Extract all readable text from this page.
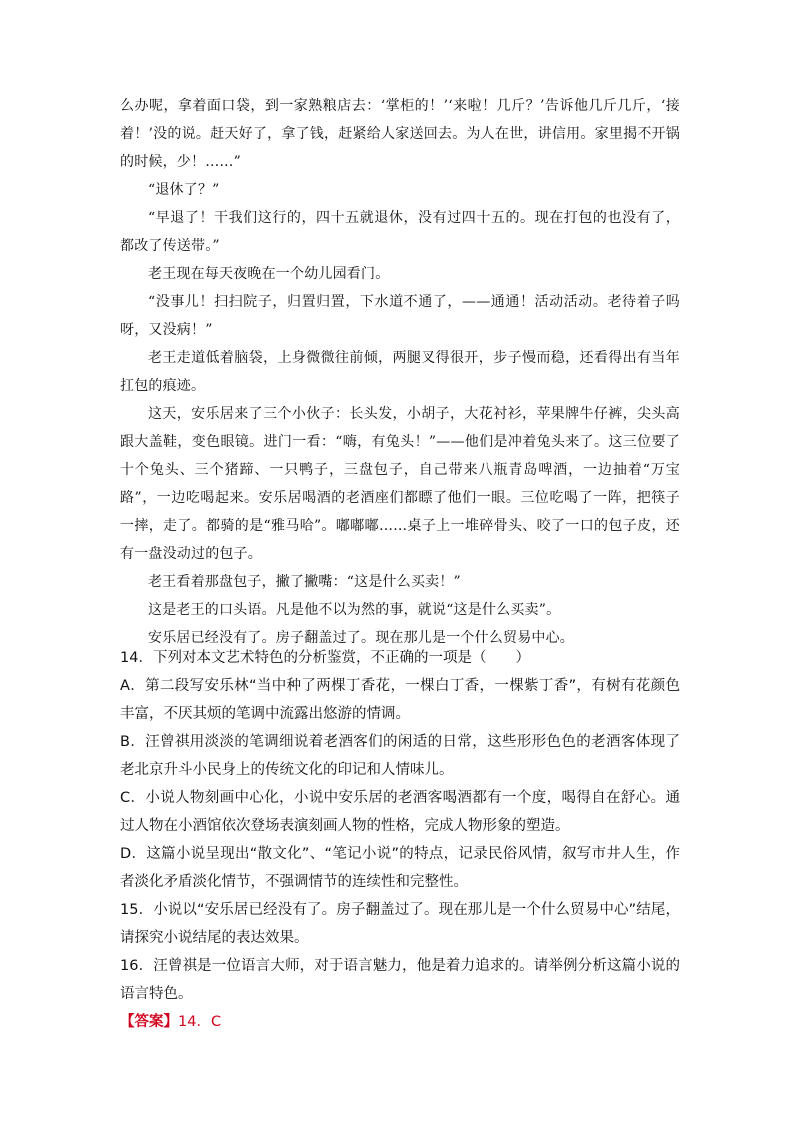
么办呢，拿着面口袋，到一家熟粮店去：‘掌柜的！’‘来啦！几斤？’告诉他几斤几斤，‘接着！’没的说。赶天好了，拿了钱，赶紧给人家送回去。为人在世，讲信用。家里揭不开锅的时候，少！……”

“退休了？”

“早退了！干我们这行的，四十五就退休，没有过四十五的。现在打包的也没有了，都改了传送带。”

老王现在每天夜晚在一个幼儿园看门。

“没事儿！扫扫院子，归置归置，下水道不通了，——通通！活动活动。老待着子吗呀，又没病！”

老王走道低着脑袋，上身微微往前倾，两腿叉得很开，步子慢而稳，还看得出有当年扛包的痕迹。

这天，安乐居来了三个小伙子：长头发，小胡子，大花衬衫，苹果牌牛仔裤，尖头高跟大盖鞋，变色眼镜。进门一看：“嗨，有兔头！”——他们是冲着兔头来了。这三位要了十个兔头、三个猪蹄、一只鸭子，三盘包子，自己带来八瓶青岛啤酒，一边抽着“万宝路”，一边吃喝起来。安乐居喝酒的老酒座们都瞟了他们一眼。三位吃喝了一阵，把筷子一摔，走了。都骑的是“雅马哈”。嘟嘟嘟……桌子上一堆碎骨头、咬了一口的包子皮，还有一盘没动过的包子。

老王看着那盘包子，撇了撇嘴：“这是什么买卖！”

这是老王的口头语。凡是他不以为然的事，就说“这是什么买卖”。

安乐居已经没有了。房子翻盖过了。现在那儿是一个什么贸易中心。

14．下列对本文艺术特色的分析鉴赏，不正确的一项是（　　）

A．第二段写安乐林“当中种了两棵丁香花，一棵白丁香，一棵紫丁香”，有树有花颜色丰富，不厌其烦的笔调中流露出悠游的情调。

B．汪曾祺用淡淡的笔调细说着老酒客们的闲适的日常，这些形形色色的老酒客体现了老北京升斗小民身上的传统文化的印记和人情味儿。

C．小说人物刻画中心化，小说中安乐居的老酒客喝酒都有一个度，喝得自在舒心。通过人物在小酒馆依次登场表演刻画人物的性格，完成人物形象的塑造。

D．这篇小说呈现出“散文化”、“笔记小说”的特点，记录民俗风情，叙写市井人生，作者淡化矛盾淡化情节，不强调情节的连续性和完整性。

15．小说以“安乐居已经没有了。房子翻盖过了。现在那儿是一个什么贸易中心”结尾，请探究小说结尾的表达效果。

16．汪曾祺是一位语言大师，对于语言魅力，他是着力追求的。请举例分析这篇小说的语言特色。

【答案】14．C
